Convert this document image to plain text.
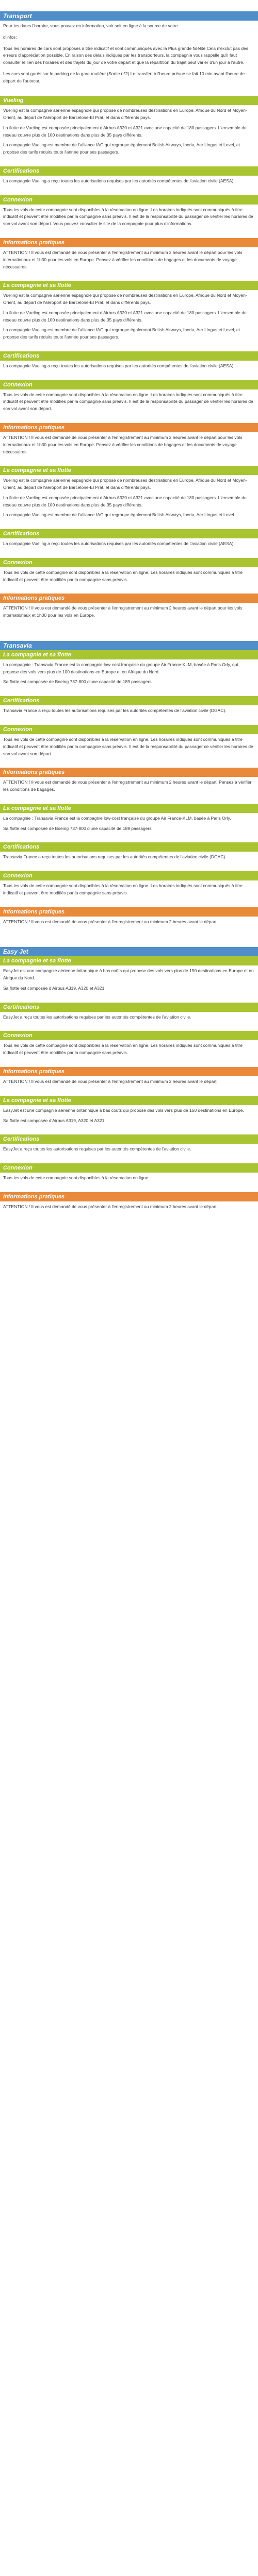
Transport

Pour les dates l'horaire, vous pouvez en information, voir soit en ligne à la source de votre

d'infos:

Tous les horaires de cars sont proposés à titre indicatif et sont communiqués avec la Plus grande fidélité Cela n'exclut pas des erreurs d'appréciation possible. En raison des délais indiqués par les transporteurs, la compagnie vous rappelle qu'il faut consulter le lien des horaires et des trajets du jour de votre départ et que la répartition du trajet peut varier d'un jour à l'autre.

Les cars sont garés sur le parking de la gare routière (Sortie n°2) Le transfert à l'heure prévue se fait 10 min avant l'heure de départ de l'autocar.

Vueling

Vueling est la compagnie aérienne espagnole qui propose de nombreuses destinations en Europe, Afrique du Nord et Moyen-Orient, au départ de l'aéroport de Barcelone-El Prat, et dans différents pays.

La flotte de Vueling est composée principalement d'Airbus A320 et A321 avec une capacité de 180 passagers. L'ensemble du réseau couvre plus de 100 destinations dans plus de 35 pays différents.

La compagnie Vueling est membre de l'alliance IAG qui regroupe également British Airways, Iberia, Aer Lingus et Level, et propose des tarifs réduits toute l'année pour ses passagers.

Certifications

La compagnie Vueling a reçu toutes les autorisations requises par les autorités compétentes de l'aviation civile (AESA).

Connexion

Tous les vols de cette compagnie sont disponibles à la réservation en ligne. Les horaires indiqués sont communiqués à titre indicatif et peuvent être modifiés par la compagnie sans préavis. Il est de la responsabilité du passager de vérifier les horaires de son vol avant son départ. Vous pouvez consulter le site de la compagnie pour plus d'informations.

Informations pratiques

ATTENTION ! Il vous est demandé de vous présenter à l'enregistrement au minimum 2 heures avant le départ pour les vols internationaux et 1h30 pour les vols en Europe. Pensez à vérifier les conditions de bagages et les documents de voyage nécessaires.

La compagnie et sa flotte

Vueling est la compagnie aérienne espagnole qui propose de nombreuses destinations en Europe, Afrique du Nord et Moyen-Orient, au départ de l'aéroport de Barcelone-El Prat, et dans différents pays.

La flotte de Vueling est composée principalement d'Airbus A320 et A321 avec une capacité de 180 passagers. L'ensemble du réseau couvre plus de 100 destinations dans plus de 35 pays différents.

La compagnie Vueling est membre de l'alliance IAG qui regroupe également British Airways, Iberia, Aer Lingus et Level, et propose des tarifs réduits toute l'année pour ses passagers.

Certifications

La compagnie Vueling a reçu toutes les autorisations requises par les autorités compétentes de l'aviation civile (AESA).

Connexion

Tous les vols de cette compagnie sont disponibles à la réservation en ligne. Les horaires indiqués sont communiqués à titre indicatif et peuvent être modifiés par la compagnie sans préavis. Il est de la responsabilité du passager de vérifier les horaires de son vol avant son départ.

Informations pratiques

ATTENTION ! Il vous est demandé de vous présenter à l'enregistrement au minimum 2 heures avant le départ pour les vols internationaux et 1h30 pour les vols en Europe. Pensez à vérifier les conditions de bagages et les documents de voyage nécessaires.

La compagnie et sa flotte

Vueling est la compagnie aérienne espagnole qui propose de nombreuses destinations en Europe, Afrique du Nord et Moyen-Orient, au départ de l'aéroport de Barcelone-El Prat, et dans différents pays.

La flotte de Vueling est composée principalement d'Airbus A320 et A321 avec une capacité de 180 passagers. L'ensemble du réseau couvre plus de 100 destinations dans plus de 35 pays différents.

La compagnie Vueling est membre de l'alliance IAG qui regroupe également British Airways, Iberia, Aer Lingus et Level.

Certifications

La compagnie Vueling a reçu toutes les autorisations requises par les autorités compétentes de l'aviation civile (AESA).

Connexion

Tous les vols de cette compagnie sont disponibles à la réservation en ligne. Les horaires indiqués sont communiqués à titre indicatif et peuvent être modifiés par la compagnie sans préavis.

Informations pratiques

ATTENTION ! Il vous est demandé de vous présenter à l'enregistrement au minimum 2 heures avant le départ pour les vols internationaux et 1h30 pour les vols en Europe.

Transavia
La compagnie et sa flotte

La compagnie : Transavia France est la compagnie low-cost française du groupe Air France-KLM, basée à Paris Orly, qui propose des vols vers plus de 100 destinations en Europe et en Afrique du Nord.

Sa flotte est composée de Boeing 737-800 d'une capacité de 189 passagers.

Certifications

Transavia France a reçu toutes les autorisations requises par les autorités compétentes de l'aviation civile (DGAC).

Connexion

Tous les vols de cette compagnie sont disponibles à la réservation en ligne. Les horaires indiqués sont communiqués à titre indicatif et peuvent être modifiés par la compagnie sans préavis. Il est de la responsabilité du passager de vérifier les horaires de son vol avant son départ.

Informations pratiques

ATTENTION ! Il vous est demandé de vous présenter à l'enregistrement au minimum 2 heures avant le départ. Pensez à vérifier les conditions de bagages.

La compagnie et sa flotte

La compagnie : Transavia France est la compagnie low-cost française du groupe Air France-KLM, basée à Paris Orly.

Sa flotte est composée de Boeing 737-800 d'une capacité de 189 passagers.

Certifications

Transavia France a reçu toutes les autorisations requises par les autorités compétentes de l'aviation civile (DGAC).

Connexion

Tous les vols de cette compagnie sont disponibles à la réservation en ligne. Les horaires indiqués sont communiqués à titre indicatif et peuvent être modifiés par la compagnie sans préavis.

Informations pratiques

ATTENTION ! Il vous est demandé de vous présenter à l'enregistrement au minimum 2 heures avant le départ.

Easy Jet
La compagnie et sa flotte

EasyJet est une compagnie aérienne britannique à bas coûts qui propose des vols vers plus de 150 destinations en Europe et en Afrique du Nord.

Sa flotte est composée d'Airbus A319, A320 et A321.

Certifications

EasyJet a reçu toutes les autorisations requises par les autorités compétentes de l'aviation civile.

Connexion

Tous les vols de cette compagnie sont disponibles à la réservation en ligne. Les horaires indiqués sont communiqués à titre indicatif et peuvent être modifiés par la compagnie sans préavis.

Informations pratiques

ATTENTION ! Il vous est demandé de vous présenter à l'enregistrement au minimum 2 heures avant le départ.

La compagnie et sa flotte

EasyJet est une compagnie aérienne britannique à bas coûts qui propose des vols vers plus de 150 destinations en Europe.

Sa flotte est composée d'Airbus A319, A320 et A321.

Certifications

EasyJet a reçu toutes les autorisations requises par les autorités compétentes de l'aviation civile.

Connexion

Tous les vols de cette compagnie sont disponibles à la réservation en ligne.

Informations pratiques

ATTENTION ! Il vous est demandé de vous présenter à l'enregistrement au minimum 2 heures avant le départ.
